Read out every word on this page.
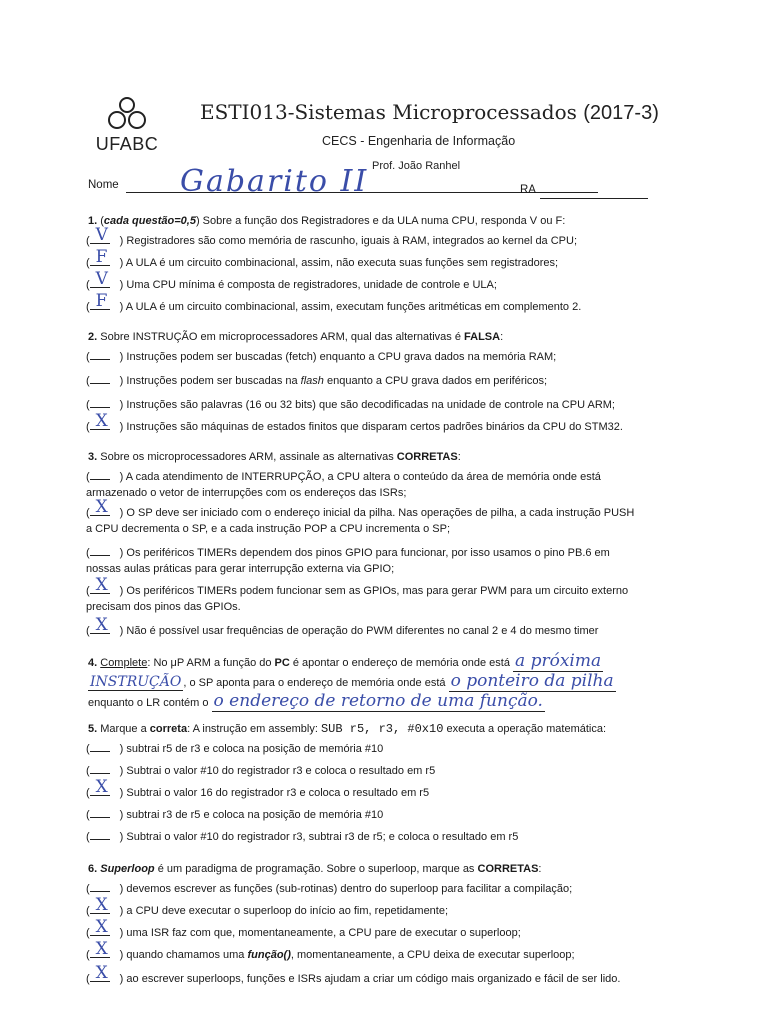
UFABC
ESTI013-Sistemas Microprocessados (2017-3)
CECS - Engenharia de Informação
Prof. João Ranhel
Nome Gabarito II	RA
1. (cada questão=0,5) Sobre a função dos Registradores e da ULA numa CPU, responda V ou F:
( V ) Registradores são como memória de rascunho, iguais à RAM, integrados ao kernel da CPU;
( F ) A ULA é um circuito combinacional, assim, não executa suas funções sem registradores;
( V ) Uma CPU mínima é composta de registradores, unidade de controle e ULA;
( F ) A ULA é um circuito combinacional, assim, executam funções aritméticas em complemento 2.
2. Sobre INSTRUÇÃO em microprocessadores ARM, qual das alternativas é FALSA:
(	) Instruções podem ser buscadas (fetch) enquanto a CPU grava dados na memória RAM;
(	) Instruções podem ser buscadas na flash enquanto a CPU grava dados em periféricos;
(	) Instruções são palavras (16 ou 32 bits) que são decodificadas na unidade de controle na CPU ARM;
( X ) Instruções são máquinas de estados finitos que disparam certos padrões binários da CPU do STM32.
3. Sobre os microprocessadores ARM, assinale as alternativas CORRETAS:
(	) A cada atendimento de INTERRUPÇÃO, a CPU altera o conteúdo da área de memória onde está
armazenado o vetor de interrupções com os endereços das ISRs;
( X ) O SP deve ser iniciado com o endereço inicial da pilha. Nas operações de pilha, a cada instrução PUSH
a CPU decrementa o SP, e a cada instrução POP a CPU incrementa o SP;
(	) Os periféricos TIMERs dependem dos pinos GPIO para funcionar, por isso usamos o pino PB.6 em
nossas aulas práticas para gerar interrupção externa via GPIO;
( X ) Os periféricos TIMERs podem funcionar sem as GPIOs, mas para gerar PWM para um circuito externo
precisam dos pinos das GPIOs.
( X ) Não é possível usar frequências de operação do PWM diferentes no canal 2 e 4 do mesmo timer
4. Complete: No μP ARM a função do PC é apontar o endereço de memória onde está a próxima
INSTRUÇÃO , o SP aponta para o endereço de memória onde está o ponteiro da pilha
enquanto o LR contém o o endereço de retorno de uma função.
5. Marque a correta: A instrução em assembly: SUB r5, r3, #0x10 executa a operação matemática:
(	) subtrai r5 de r3 e coloca na posição de memória #10
(	) Subtrai o valor #10 do registrador r3 e coloca o resultado em r5
( X ) Subtrai o valor 16 do registrador r3 e coloca o resultado em r5
(	) subtrai r3 de r5 e coloca na posição de memória #10
(	) Subtrai o valor #10 do registrador r3, subtrai r3 de r5; e coloca o resultado em r5
6. Superloop é um paradigma de programação. Sobre o superloop, marque as CORRETAS:
(	) devemos escrever as funções (sub-rotinas) dentro do superloop para facilitar a compilação;
( X ) a CPU deve executar o superloop do início ao fim, repetidamente;
( X ) uma ISR faz com que, momentaneamente, a CPU pare de executar o superloop;
( X ) quando chamamos uma função(), momentaneamente, a CPU deixa de executar superloop;
( X ) ao escrever superloops, funções e ISRs ajudam a criar um código mais organizado e fácil de ser lido.
